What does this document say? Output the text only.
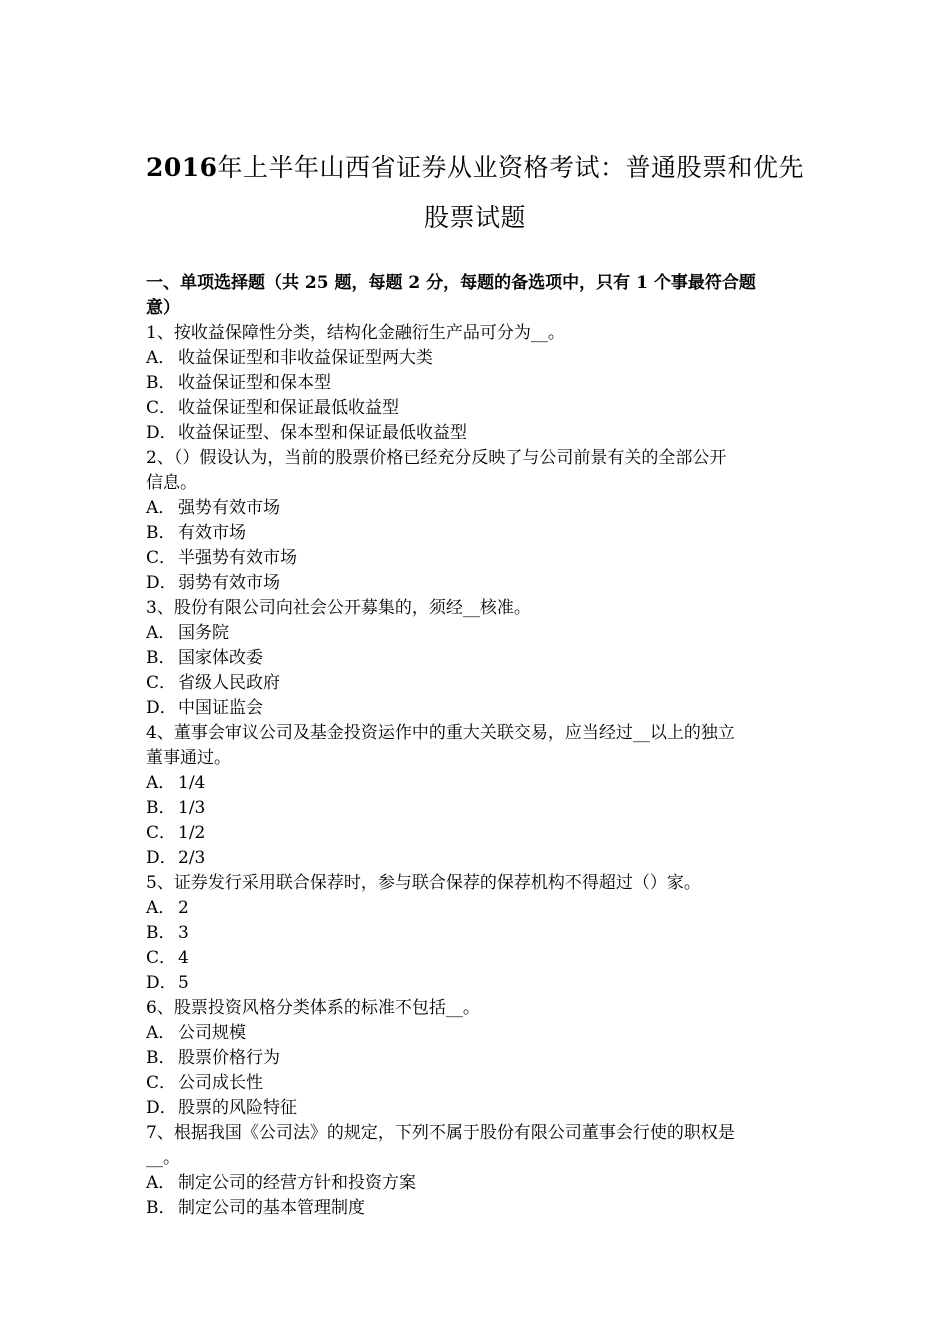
2016年上半年山西省证券从业资格考试：普通股票和优先
股票试题
一、单项选择题（共 25 题，每题 2 分，每题的备选项中，只有 1 个事最符合题
意）
1、按收益保障性分类，结构化金融衍生产品可分为__。
A． 收益保证型和非收益保证型两大类
B． 收益保证型和保本型
C． 收益保证型和保证最低收益型
D．收益保证型、保本型和保证最低收益型
2、（）假设认为，当前的股票价格已经充分反映了与公司前景有关的全部公开
信息。
A． 强势有效市场
B． 有效市场
C． 半强势有效市场
D．弱势有效市场
3、股份有限公司向社会公开募集的，须经__核准。
A． 国务院
B． 国家体改委
C． 省级人民政府
D．中国证监会
4、董事会审议公司及基金投资运作中的重大关联交易，应当经过__以上的独立
董事通过。
A． 1/4
B． 1/3
C． 1/2
D．2/3
5、证券发行采用联合保荐时，参与联合保荐的保荐机构不得超过（）家。
A． 2
B． 3
C． 4
D．5
6、股票投资风格分类体系的标准不包括__。
A． 公司规模
B． 股票价格行为
C． 公司成长性
D．股票的风险特征
7、根据我国《公司法》的规定，下列不属于股份有限公司董事会行使的职权是
__。
A． 制定公司的经营方针和投资方案
B． 制定公司的基本管理制度
